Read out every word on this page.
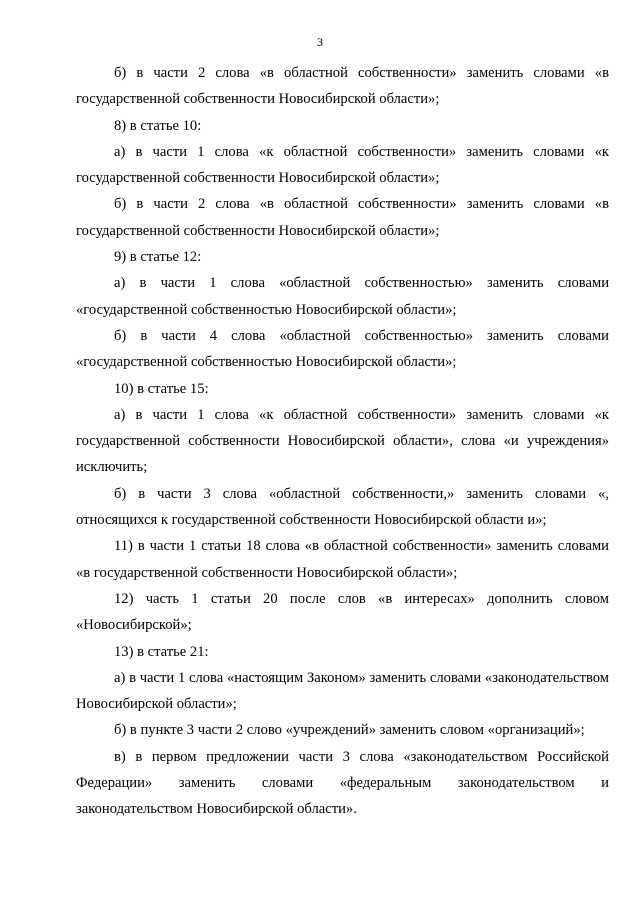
3

б) в части 2 слова «в областной собственности» заменить словами «в государственной собственности Новосибирской области»;

8) в статье 10:

а) в части 1 слова «к областной собственности» заменить словами «к государственной собственности Новосибирской области»;

б) в части 2 слова «в областной собственности» заменить словами «в государственной собственности Новосибирской области»;

9) в статье 12:

а) в части 1 слова «областной собственностью» заменить словами «государственной собственностью Новосибирской области»;

б) в части 4 слова «областной собственностью» заменить словами «государственной собственностью Новосибирской области»;

10) в статье 15:

а) в части 1 слова «к областной собственности» заменить словами «к государственной собственности Новосибирской области», слова «и учреждения» исключить;

б) в части 3 слова «областной собственности,» заменить словами «, относящихся к государственной собственности Новосибирской области и»;

11) в части 1 статьи 18 слова «в областной собственности» заменить словами «в государственной собственности Новосибирской области»;

12) часть 1 статьи 20 после слов «в интересах» дополнить словом «Новосибирской»;

13) в статье 21:

а) в части 1 слова «настоящим Законом» заменить словами «законодательством Новосибирской области»;

б) в пункте 3 части 2 слово «учреждений» заменить словом «организаций»;

в) в первом предложении части 3 слова «законодательством Российской Федерации» заменить словами «федеральным законодательством и законодательством Новосибирской области».
